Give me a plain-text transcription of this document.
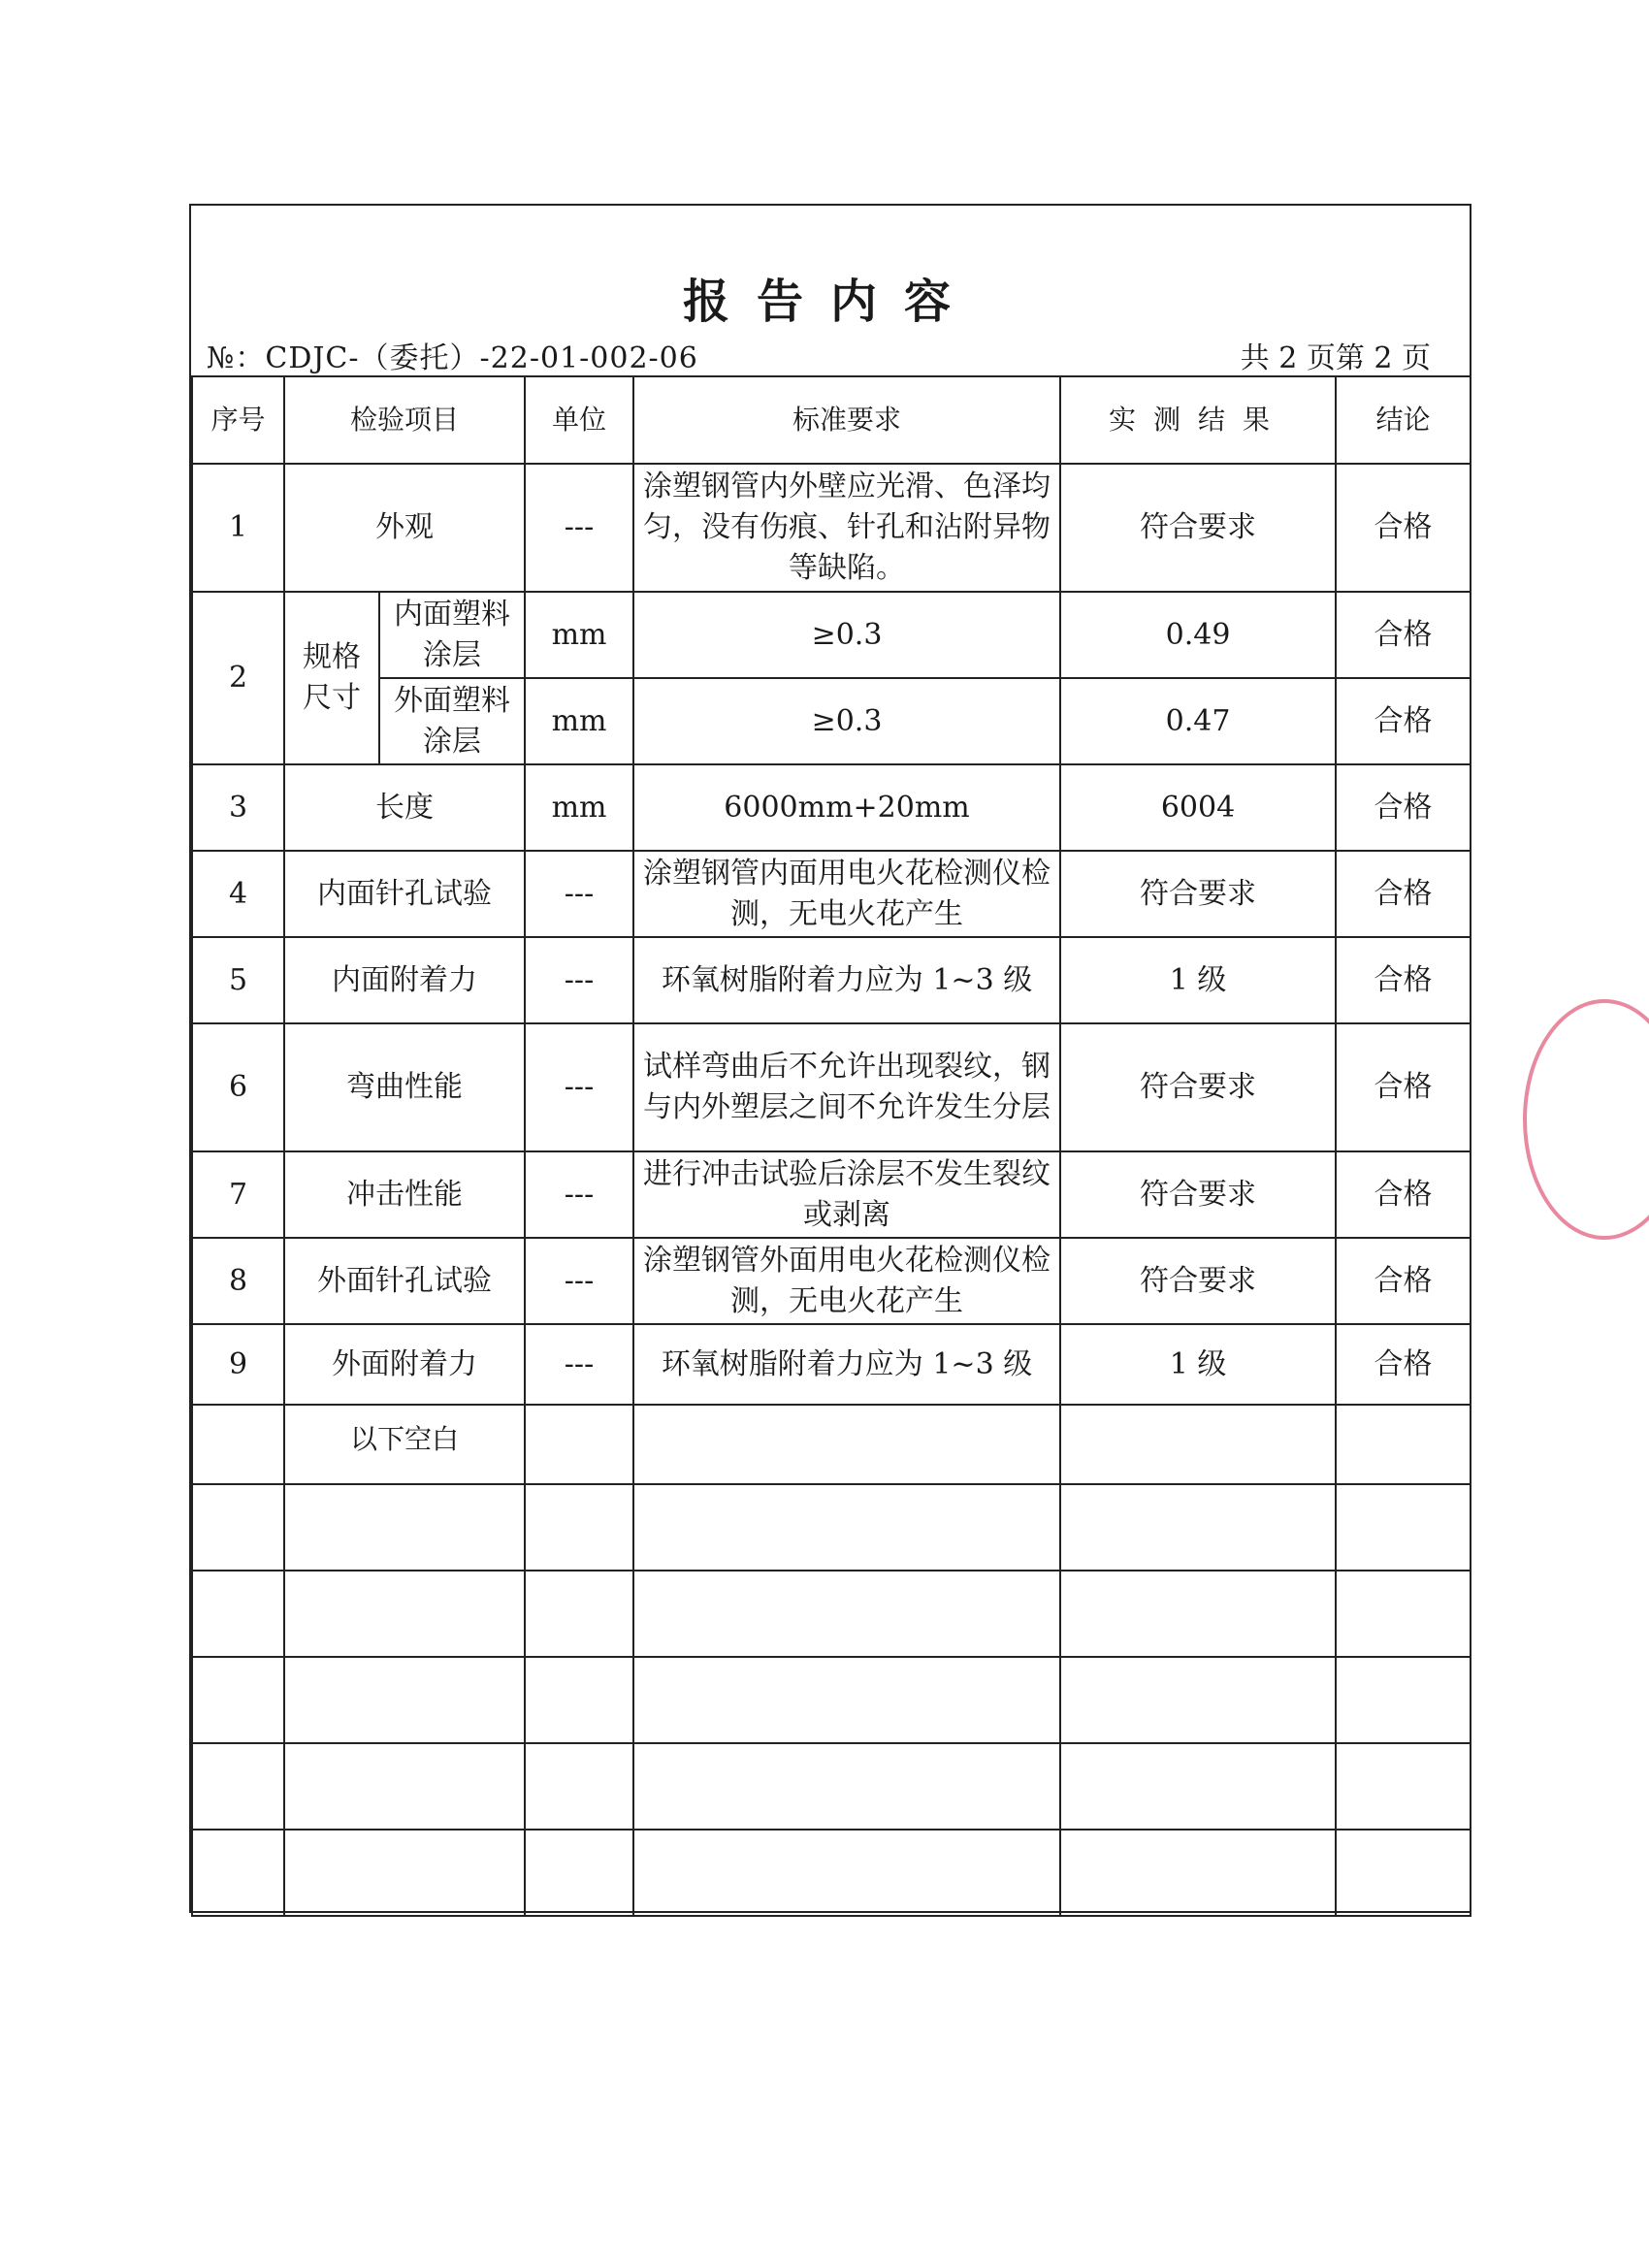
报告内容
№：CDJC-（委托）-22-01-002-06	共 2 页第 2 页
序号	检验项目		单位	标准要求	实测结果	结论
1	外观		---	涂塑钢管内外壁应光滑、色泽均匀，没有伤痕、针孔和沾附异物等缺陷。	符合要求	合格
2	规格尺寸	内面塑料涂层	mm	≥0.3	0.49	合格
		外面塑料涂层	mm	≥0.3	0.47	合格
3	长度		mm	6000mm+20mm	6004	合格
4	内面针孔试验		---	涂塑钢管内面用电火花检测仪检测，无电火花产生	符合要求	合格
5	内面附着力		---	环氧树脂附着力应为 1~3 级	1 级	合格
6	弯曲性能		---	试样弯曲后不允许出现裂纹，钢与内外塑层之间不允许发生分层	符合要求	合格
7	冲击性能		---	进行冲击试验后涂层不发生裂纹或剥离	符合要求	合格
8	外面针孔试验		---	涂塑钢管外面用电火花检测仪检测，无电火花产生	符合要求	合格
9	外面附着力		---	环氧树脂附着力应为 1~3 级	1 级	合格
	以下空白					
